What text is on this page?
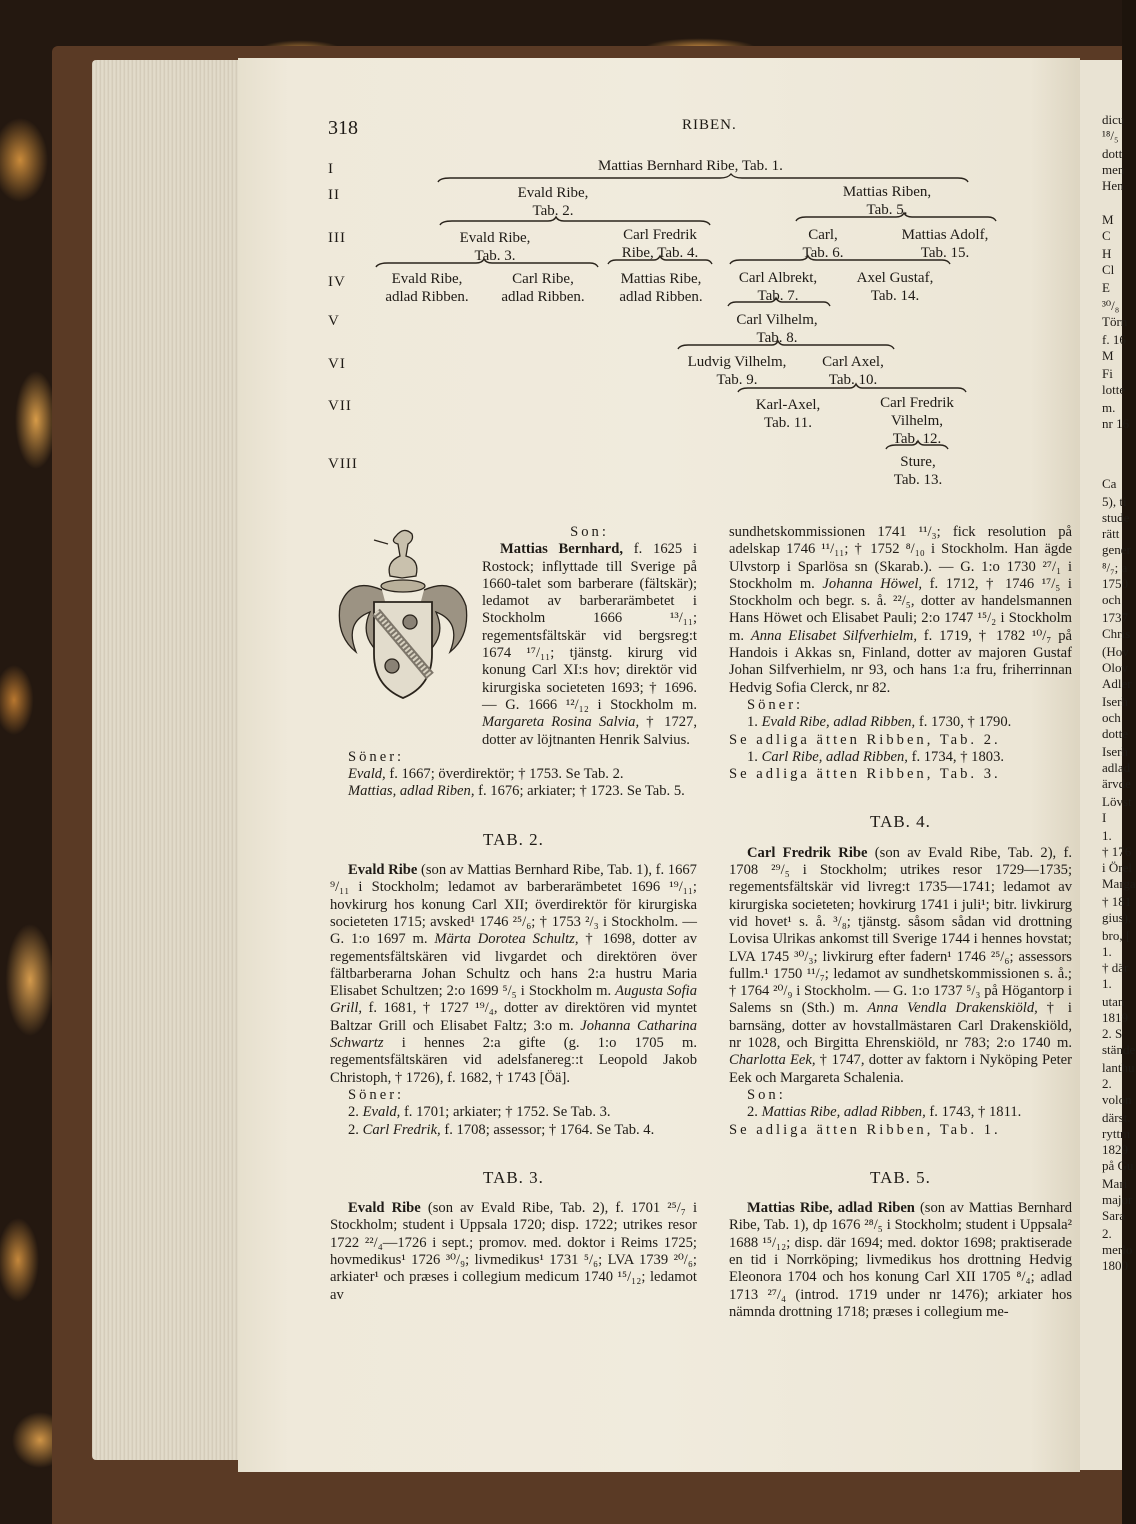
dicu
¹⁸/₅
dott
men
Hen
M
C
H
Cl
E
³⁰/₈
Törn
f. 16
M
Fi
lotte
m.
nr 16
Ca
5), ti
stude
rätt
gener
⁸/₇; a
1750
och
1737
Chris
(Hov
Olov
Adler
Iserh
och
dotte
Iserh
adlad
ärvde
Lövst
I
1.
† 176
i Örel
Marga
† 181
gius),
bro, [
1.
† där
1.
utan
1819
2. S
stände
lanthu
2.
volon
därst.
ryttm
1829
på Gu
Mari
major
Sara
2.
merlo
1800
318	RIBEN.
I
II
III
IV
V
VI
VII
VIII
Mattias Bernhard Ribe, Tab. 1.
Evald Ribe,
Tab. 2.
Mattias Riben,
Tab. 5.
Evald Ribe,
Tab. 3.
Carl Fredrik
Ribe, Tab. 4.
Carl,
Tab. 6.
Mattias Adolf,
Tab. 15.
Evald Ribe,
adlad Ribben.
Carl Ribe,
adlad Ribben.
Mattias Ribe,
adlad Ribben.
Carl Albrekt,
Tab. 7.
Axel Gustaf,
Tab. 14.
Carl Vilhelm,
Tab. 8.
Ludvig Vilhelm,
Tab. 9.
Carl Axel,
Tab. 10.
Karl-Axel,
Tab. 11.
Carl Fredrik
Vilhelm,
Tab. 12.
Sture,
Tab. 13.

Son:

Mattias Bernhard, f. 1625 i Rostock; inflyttade till Sverige på 1660-talet som barberare (fältskär); ledamot av barberarämbetet i Stockholm 1666 ¹³/₁₁; regementsfältskär vid bergsreg:t 1674 ¹⁷/₁₁; tjänstg. kirurg vid konung Carl XI:s hov; direktör vid kirurgiska societeten 1693; † 1696. — G. 1666 ¹²/₁₂ i Stockholm m. Margareta Rosina Salvia, † 1727, dotter av löjtnanten Henrik Salvius.

Söner:

Evald, f. 1667; överdirektör; † 1753. Se Tab. 2.

Mattias, adlad Riben, f. 1676; arkiater; † 1723. Se Tab. 5.

TAB. 2.

Evald Ribe (son av Mattias Bernhard Ribe, Tab. 1), f. 1667 ⁹/₁₁ i Stockholm; ledamot av barberarämbetet 1696 ¹⁹/₁₁; hovkirurg hos konung Carl XII; överdirektör för kirurgiska societeten 1715; avsked¹ 1746 ²⁵/₆; † 1753 ²/₃ i Stockholm. — G. 1:o 1697 m. Märta Dorotea Schultz, † 1698, dotter av regementsfältskären vid livgardet och direktören över fältbarberarna Johan Schultz och hans 2:a hustru Maria Elisabet Schultzen; 2:o 1699 ⁵/₅ i Stockholm m. Augusta Sofia Grill, f. 1681, † 1727 ¹⁹/₄, dotter av direktören vid myntet Baltzar Grill och Elisabet Faltz; 3:o m. Johanna Catharina Schwartz i hennes 2:a gifte (g. 1:o 1705 m. regementsfältskären vid adelsfaneregː:t Leopold Jakob Christoph, † 1726), f. 1682, † 1743 [Öä].

Söner:

2. Evald, f. 1701; arkiater; † 1752. Se Tab. 3.

2. Carl Fredrik, f. 1708; assessor; † 1764. Se Tab. 4.

TAB. 3.

Evald Ribe (son av Evald Ribe, Tab. 2), f. 1701 ²⁵/₇ i Stockholm; student i Uppsala 1720; disp. 1722; utrikes resor 1722 ²²/₄—1726 i sept.; promov. med. doktor i Reims 1725; hovmedikus¹ 1726 ³⁰/₉; livmedikus¹ 1731 ⁵/₆; LVA 1739 ²⁰/₆; arkiater¹ och præses i collegium medicum 1740 ¹⁵/₁₂; ledamot av

sundhetskommissionen 1741 ¹¹/₃; fick resolution på adelskap 1746 ¹¹/₁₁; † 1752 ⁸/₁₀ i Stockholm. Han ägde Ulvstorp i Sparlösa sn (Skarab.). — G. 1:o 1730 ²⁷/₁ i Stockholm m. Johanna Höwel, f. 1712, † 1746 ¹⁷/₅ i Stockholm och begr. s. å. ²²/₅, dotter av handelsmannen Hans Höwet och Elisabet Pauli; 2:o 1747 ¹⁵/₂ i Stockholm m. Anna Elisabet Silfverhielm, f. 1719, † 1782 ¹⁰/₇ på Handois i Akkas sn, Finland, dotter av majoren Gustaf Johan Silfverhielm, nr 93, och hans 1:a fru, friherrinnan Hedvig Sofia Clerck, nr 82.

Söner:

1. Evald Ribe, adlad Ribben, f. 1730, † 1790.

Se adliga ätten Ribben, Tab. 2.

1. Carl Ribe, adlad Ribben, f. 1734, † 1803.

Se adliga ätten Ribben, Tab. 3.

TAB. 4.

Carl Fredrik Ribe (son av Evald Ribe, Tab. 2), f. 1708 ²⁹/₅ i Stockholm; utrikes resor 1729—1735; regementsfältskär vid livreg:t 1735—1741; ledamot av kirurgiska societeten; hovkirurg 1741 i juli¹; bitr. livkirurg vid hovet¹ s. å. ³/₈; tjänstg. såsom sådan vid drottning Lovisa Ulrikas ankomst till Sverige 1744 i hennes hovstat; LVA 1745 ³⁰/₃; livkirurg efter fadern¹ 1746 ²⁵/₆; assessors fullm.¹ 1750 ¹¹/₇; ledamot av sundhetskommissionen s. å.; † 1764 ²⁰/₉ i Stockholm. — G. 1:o 1737 ⁵/₃ på Högantorp i Salems sn (Sth.) m. Anna Vendla Drakenskiöld, † i barnsäng, dotter av hovstallmästaren Carl Drakenskiöld, nr 1028, och Birgitta Ehrenskiöld, nr 783; 2:o 1740 m. Charlotta Eek, † 1747, dotter av faktorn i Nyköping Peter Eek och Margareta Schalenia.

Son:

2. Mattias Ribe, adlad Ribben, f. 1743, † 1811.

Se adliga ätten Ribben, Tab. 1.

TAB. 5.

Mattias Ribe, adlad Riben (son av Mattias Bernhard Ribe, Tab. 1), dp 1676 ²⁸/₅ i Stockholm; student i Uppsala² 1688 ¹⁵/₁₂; disp. där 1694; med. doktor 1698; praktiserade en tid i Norrköping; livmedikus hos drottning Hedvig Eleonora 1704 och hos konung Carl XII 1705 ⁸/₄; adlad 1713 ²⁷/₄ (introd. 1719 under nr 1476); arkiater hos nämnda drottning 1718; præses i collegium me-
